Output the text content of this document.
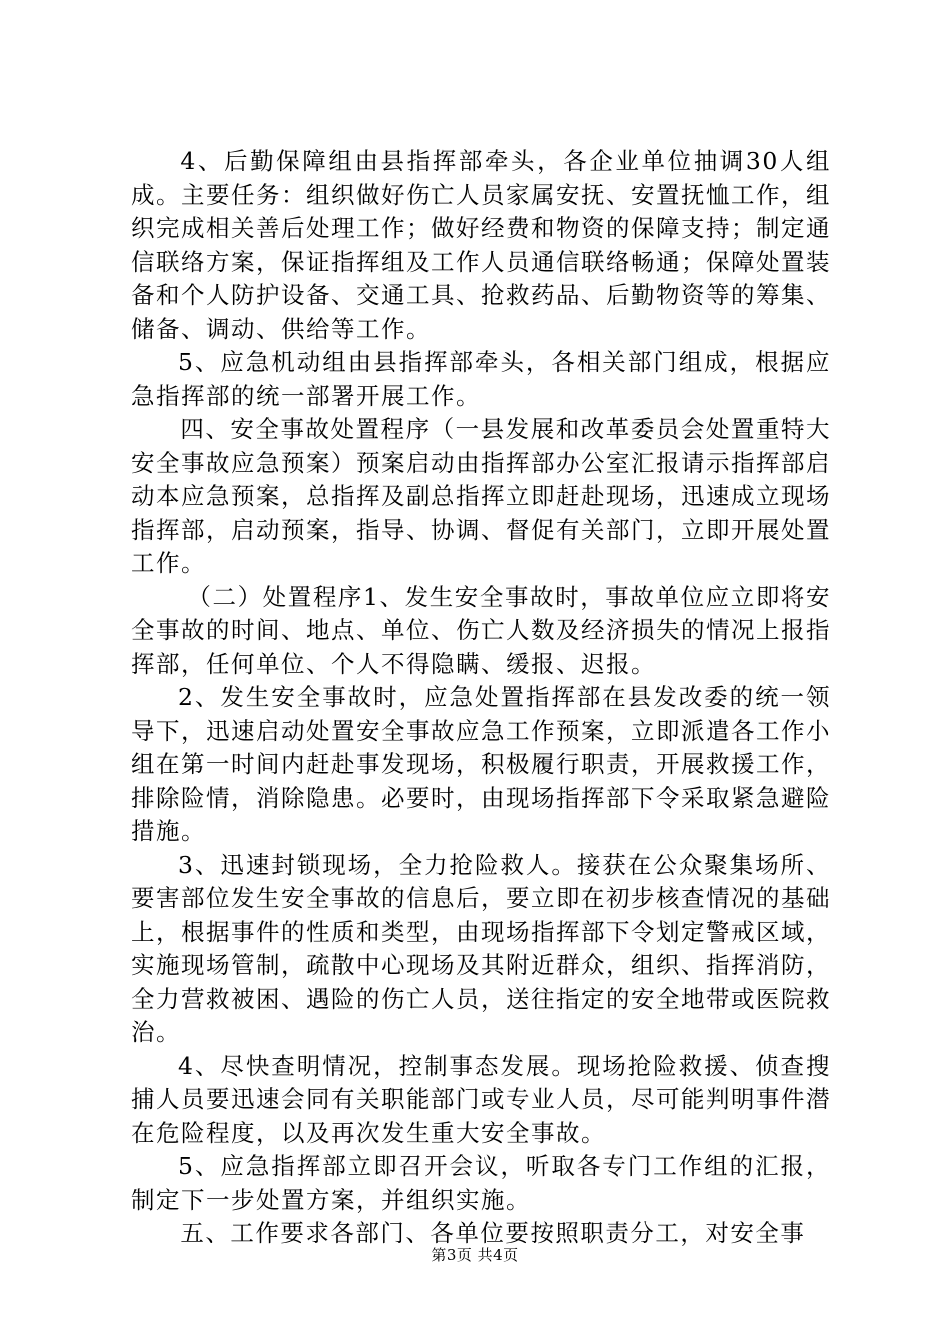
4、后勤保障组由县指挥部牵头，各企业单位抽调30人组成。主要任务：组织做好伤亡人员家属安抚、安置抚恤工作，组织完成相关善后处理工作；做好经费和物资的保障支持；制定通信联络方案，保证指挥组及工作人员通信联络畅通；保障处置装备和个人防护设备、交通工具、抢救药品、后勤物资等的筹集、储备、调动、供给等工作。

5、应急机动组由县指挥部牵头，各相关部门组成，根据应急指挥部的统一部署开展工作。

四、安全事故处置程序（一县发展和改革委员会处置重特大安全事故应急预案）预案启动由指挥部办公室汇报请示指挥部启动本应急预案，总指挥及副总指挥立即赶赴现场，迅速成立现场指挥部，启动预案，指导、协调、督促有关部门，立即开展处置工作。

（二）处置程序1、发生安全事故时，事故单位应立即将安全事故的时间、地点、单位、伤亡人数及经济损失的情况上报指挥部，任何单位、个人不得隐瞒、缓报、迟报。

2、发生安全事故时，应急处置指挥部在县发改委的统一领导下，迅速启动处置安全事故应急工作预案，立即派遣各工作小组在第一时间内赶赴事发现场，积极履行职责，开展救援工作，排除险情，消除隐患。必要时，由现场指挥部下令采取紧急避险措施。

3、迅速封锁现场，全力抢险救人。接获在公众聚集场所、要害部位发生安全事故的信息后，要立即在初步核查情况的基础上，根据事件的性质和类型，由现场指挥部下令划定警戒区域，实施现场管制，疏散中心现场及其附近群众，组织、指挥消防，全力营救被困、遇险的伤亡人员，送往指定的安全地带或医院救治。

4、尽快查明情况，控制事态发展。现场抢险救援、侦查搜捕人员要迅速会同有关职能部门或专业人员，尽可能判明事件潜在危险程度，以及再次发生重大安全事故。

5、应急指挥部立即召开会议，听取各专门工作组的汇报，制定下一步处置方案，并组织实施。

五、工作要求各部门、各单位要按照职责分工，对安全事

第3页 共4页
